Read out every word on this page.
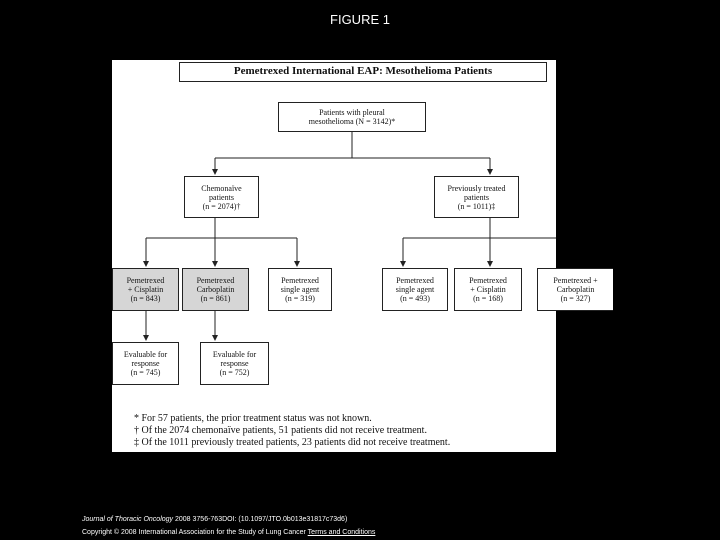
FIGURE 1
Pemetrexed International EAP: Mesothelioma Patients
Patients with pleural
mesothelioma (N = 3142)*
Chemonaïve
patients
(n = 2074)†
Previously treated
patients
(n = 1011)‡
Pemetrexed
+ Cisplatin
(n = 843)
Pemetrexed
Carboplatin
(n = 861)
Pemetrexed
single agent
(n = 319)
Pemetrexed
single agent
(n = 493)
Pemetrexed
+ Cisplatin
(n = 168)
Pemetrexed +
Carboplatin
(n = 327)
Evaluable for
response
(n = 745)
Evaluable for
response
(n = 752)
* For 57 patients, the prior treatment status was not known.
† Of the 2074 chemonaïve patients, 51 patients did not receive treatment.
‡ Of the 1011 previously treated patients, 23 patients did not receive treatment.
Journal of Thoracic Oncology 2008 3756-763DOI: (10.1097/JTO.0b013e31817c73d6)
Copyright © 2008 International Association for the Study of Lung Cancer Terms and Conditions
